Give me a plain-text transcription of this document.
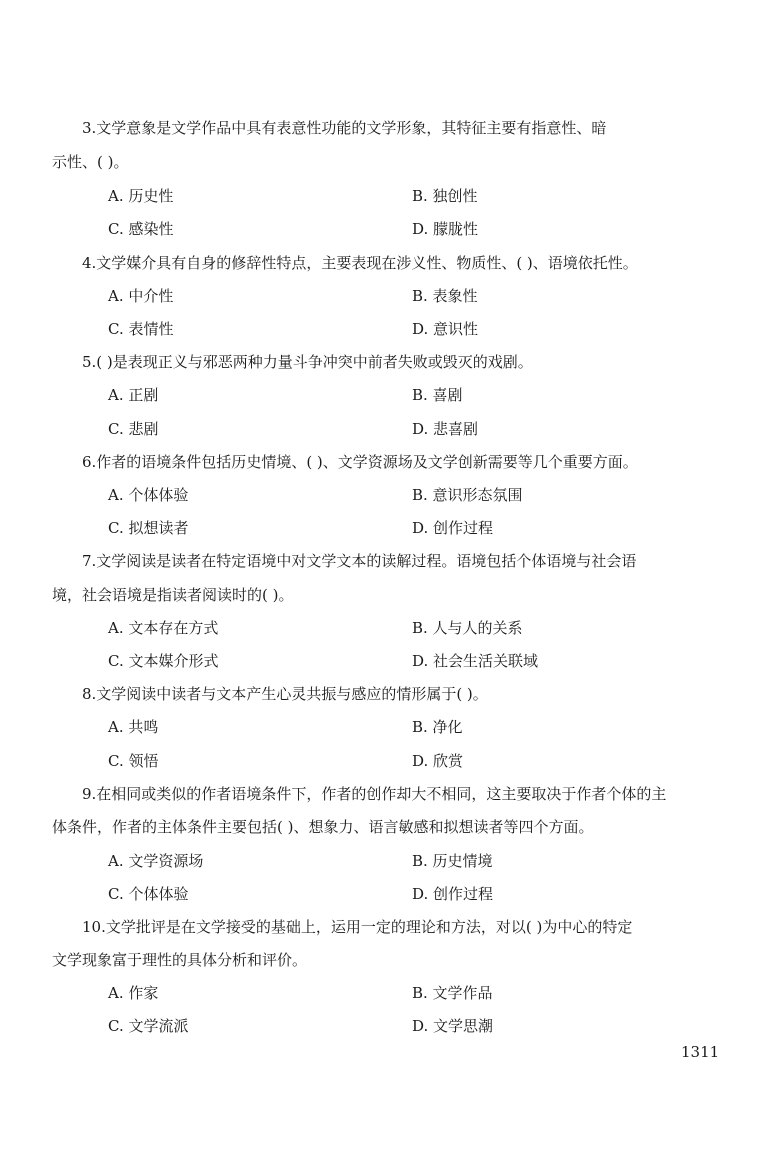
3.文学意象是文学作品中具有表意性功能的文学形象，其特征主要有指意性、暗
示性、( )。
A. 历史性	B. 独创性
C. 感染性	D. 朦胧性
4.文学媒介具有自身的修辞性特点，主要表现在涉义性、物质性、( )、语境依托性。
A. 中介性	B. 表象性
C. 表情性	D. 意识性
5.( )是表现正义与邪恶两种力量斗争冲突中前者失败或毁灭的戏剧。
A. 正剧	B. 喜剧
C. 悲剧	D. 悲喜剧
6.作者的语境条件包括历史情境、( )、文学资源场及文学创新需要等几个重要方面。
A. 个体体验	B. 意识形态氛围
C. 拟想读者	D. 创作过程
7.文学阅读是读者在特定语境中对文学文本的读解过程。语境包括个体语境与社会语
境，社会语境是指读者阅读时的( )。
A. 文本存在方式	B. 人与人的关系
C. 文本媒介形式	D. 社会生活关联域
8.文学阅读中读者与文本产生心灵共振与感应的情形属于( )。
A. 共鸣	B. 净化
C. 领悟	D. 欣赏
9.在相同或类似的作者语境条件下，作者的创作却大不相同，这主要取决于作者个体的主
体条件，作者的主体条件主要包括( )、想象力、语言敏感和拟想读者等四个方面。
A. 文学资源场	B. 历史情境
C. 个体体验	D. 创作过程
10.文学批评是在文学接受的基础上，运用一定的理论和方法，对以( )为中心的特定
文学现象富于理性的具体分析和评价。
A. 作家	B. 文学作品
C. 文学流派	D. 文学思潮
1311
